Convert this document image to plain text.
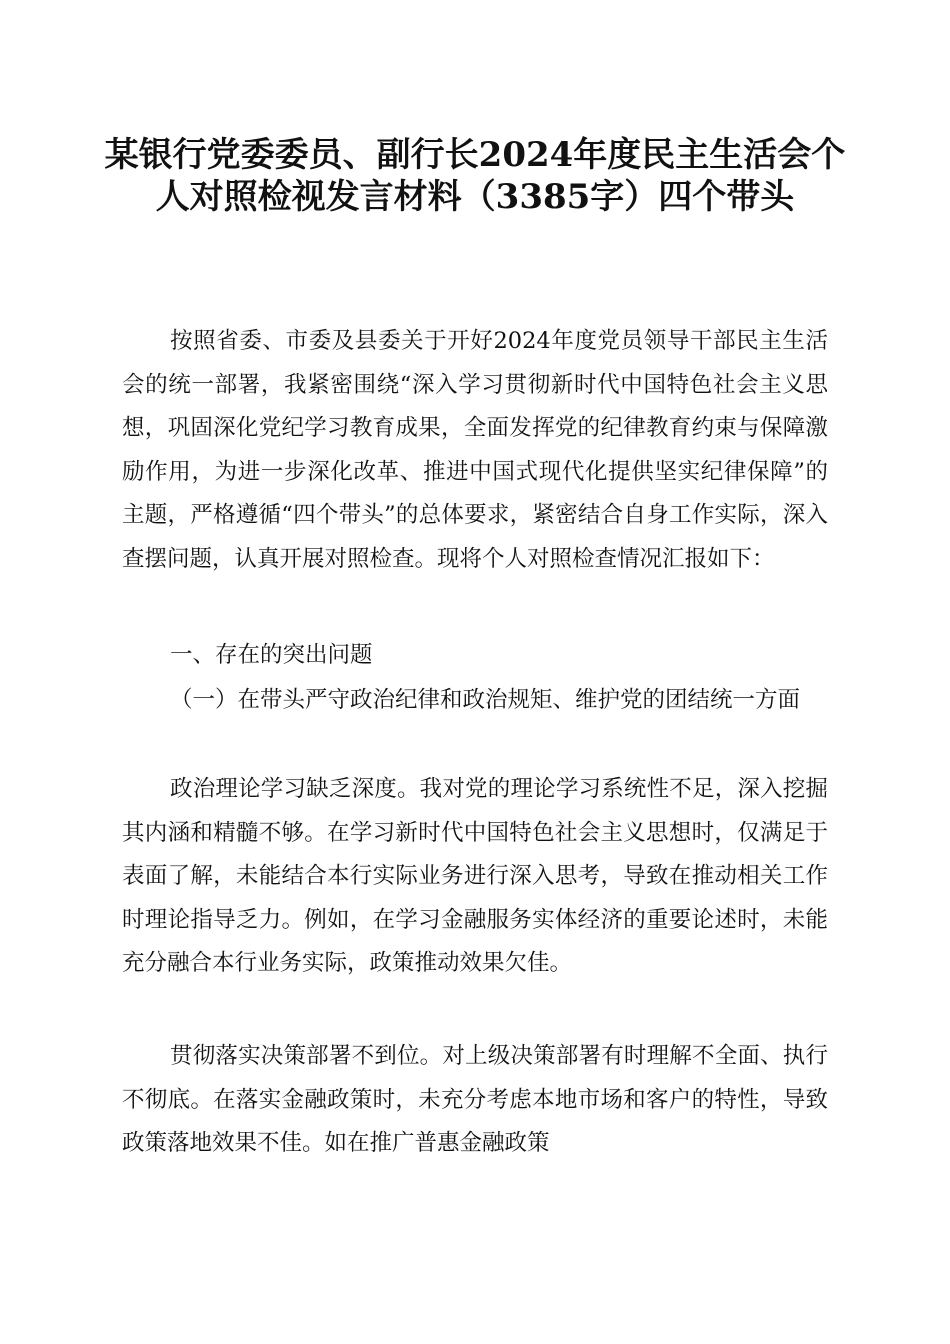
某银行党委委员、副行长2024年度民主生活会个人对照检视发言材料（3385字）四个带头

按照省委、市委及县委关于开好2024年度党员领导干部民主生活会的统一部署，我紧密围绕“深入学习贯彻新时代中国特色社会主义思想，巩固深化党纪学习教育成果，全面发挥党的纪律教育约束与保障激励作用，为进一步深化改革、推进中国式现代化提供坚实纪律保障”的主题，严格遵循“四个带头”的总体要求，紧密结合自身工作实际，深入查摆问题，认真开展对照检查。现将个人对照检查情况汇报如下：

一、存在的突出问题

（一）在带头严守政治纪律和政治规矩、维护党的团结统一方面

政治理论学习缺乏深度。我对党的理论学习系统性不足，深入挖掘其内涵和精髓不够。在学习新时代中国特色社会主义思想时，仅满足于表面了解，未能结合本行实际业务进行深入思考，导致在推动相关工作时理论指导乏力。例如，在学习金融服务实体经济的重要论述时，未能充分融合本行业务实际，政策推动效果欠佳。

贯彻落实决策部署不到位。对上级决策部署有时理解不全面、执行不彻底。在落实金融政策时，未充分考虑本地市场和客户的特性，导致政策落地效果不佳。如在推广普惠金融政策
